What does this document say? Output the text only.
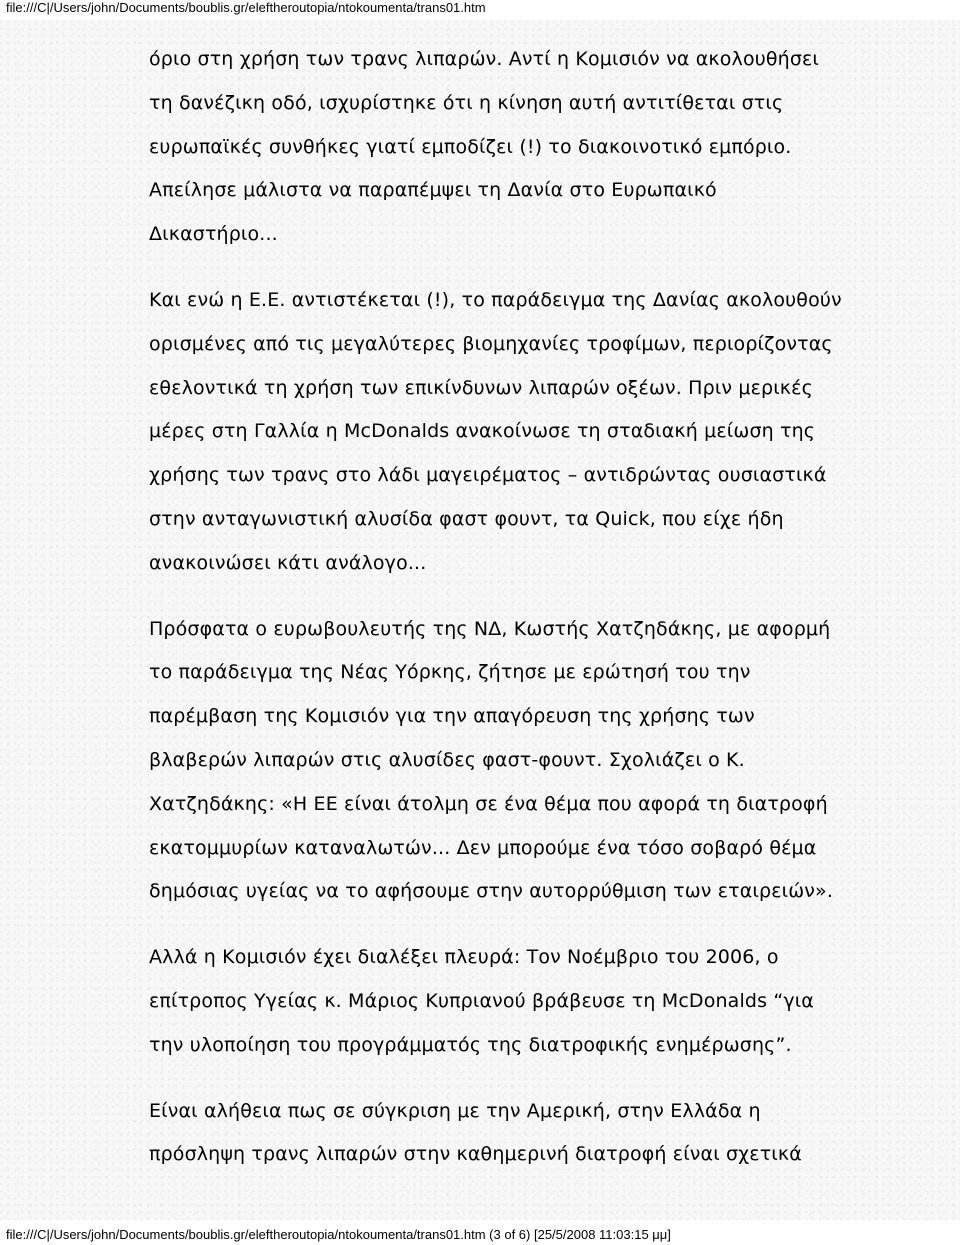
file:///C|/Users/john/Documents/boublis.gr/eleftheroutopia/ntokoumenta/trans01.htm

όριο στη χρήση των τρανς λιπαρών. Αντί η Κομισιόν να ακολουθήσει
τη δανέζικη οδό, ισχυρίστηκε ότι η κίνηση αυτή αντιτίθεται στις
ευρωπαϊκές συνθήκες γιατί εμποδίζει (!) το διακοινοτικό εμπόριο.
Απείλησε μάλιστα να παραπέμψει τη Δανία στο Ευρωπαικό
Δικαστήριο...

Και ενώ η Ε.Ε. αντιστέκεται (!), το παράδειγμα της Δανίας ακολουθούν
ορισμένες από τις μεγαλύτερες βιομηχανίες τροφίμων, περιορίζοντας
εθελοντικά τη χρήση των επικίνδυνων λιπαρών οξέων. Πριν μερικές
μέρες στη Γαλλία η McDonalds ανακοίνωσε τη σταδιακή μείωση της
χρήσης των τρανς στο λάδι μαγειρέματος – αντιδρώντας ουσιαστικά
στην ανταγωνιστική αλυσίδα φαστ φουντ, τα Quick, που είχε ήδη
ανακοινώσει κάτι ανάλογο...

Πρόσφατα ο ευρωβουλευτής της ΝΔ, Κωστής Χατζηδάκης, με αφορμή
το παράδειγμα της Νέας Υόρκης, ζήτησε με ερώτησή του την
παρέμβαση της Κομισιόν για την απαγόρευση της χρήσης των
βλαβερών λιπαρών στις αλυσίδες φαστ-φουντ. Σχολιάζει ο Κ.
Χατζηδάκης: «Η ΕΕ είναι άτολμη σε ένα θέμα που αφορά τη διατροφή
εκατομμυρίων καταναλωτών... Δεν μπορούμε ένα τόσο σοβαρό θέμα
δημόσιας υγείας να το αφήσουμε στην αυτορρύθμιση των εταιρειών».

Αλλά η Κομισιόν έχει διαλέξει πλευρά: Τον Νοέμβριο του 2006, ο
επίτροπος Υγείας κ. Μάριος Κυπριανού βράβευσε τη McDonalds “για
την υλοποίηση του προγράμματός της διατροφικής ενημέρωσης”.

Είναι αλήθεια πως σε σύγκριση με την Αμερική, στην Ελλάδα η
πρόσληψη τρανς λιπαρών στην καθημερινή διατροφή είναι σχετικά

file:///C|/Users/john/Documents/boublis.gr/eleftheroutopia/ntokoumenta/trans01.htm (3 of 6) [25/5/2008 11:03:15 μμ]
